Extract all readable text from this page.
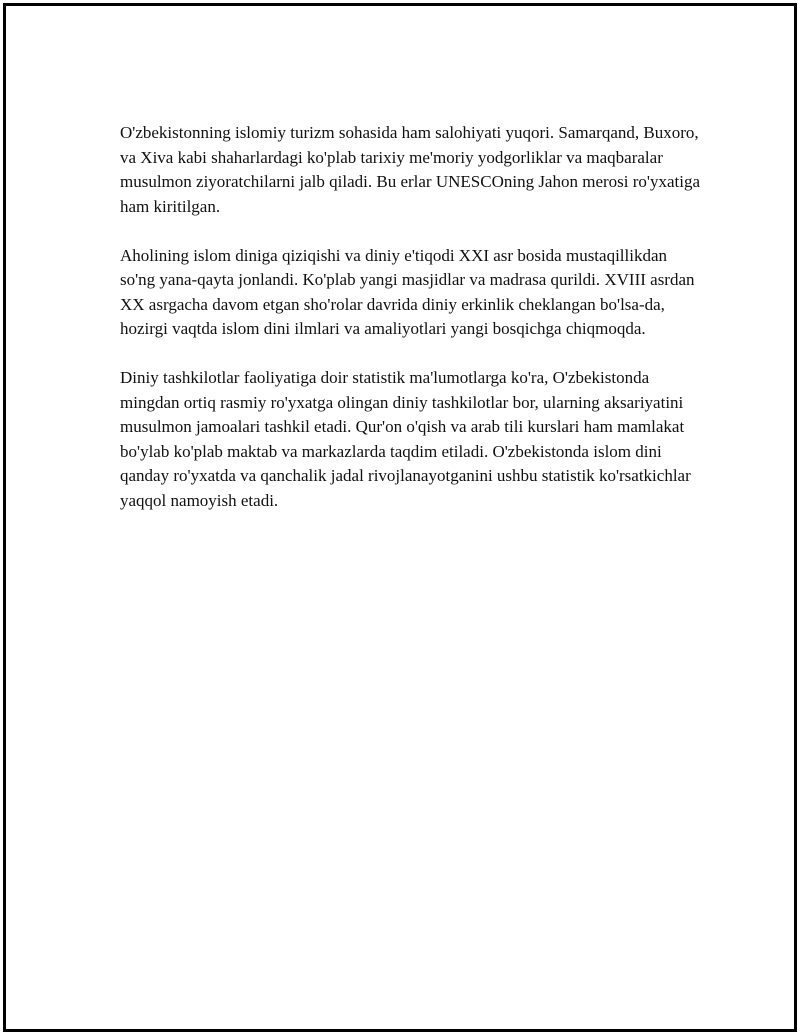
O'zbekistonning islomiy turizm sohasida ham salohiyati yuqori. Samarqand, Buxoro, va Xiva kabi shaharlardagi ko'plab tarixiy me'moriy yodgorliklar va maqbaralar musulmon ziyoratchilarni jalb qiladi. Bu erlar UNESCOning Jahon merosi ro'yxatiga ham kiritilgan.

Aholining islom diniga qiziqishi va diniy e'tiqodi XXI asr bosida mustaqillikdan so'ng yana-qayta jonlandi. Ko'plab yangi masjidlar va madrasa qurildi. XVIII asrdan XX asrgacha davom etgan sho'rolar davrida diniy erkinlik cheklangan bo'lsa-da, hozirgi vaqtda islom dini ilmlari va amaliyotlari yangi bosqichga chiqmoqda.

Diniy tashkilotlar faoliyatiga doir statistik ma'lumotlarga ko'ra, O'zbekistonda mingdan ortiq rasmiy ro'yxatga olingan diniy tashkilotlar bor, ularning aksariyatini musulmon jamoalari tashkil etadi. Qur'on o'qish va arab tili kurslari ham mamlakat bo'ylab ko'plab maktab va markazlarda taqdim etiladi. O'zbekistonda islom dini qanday ro'yxatda va qanchalik jadal rivojlanayotganini ushbu statistik ko'rsatkichlar yaqqol namoyish etadi.
